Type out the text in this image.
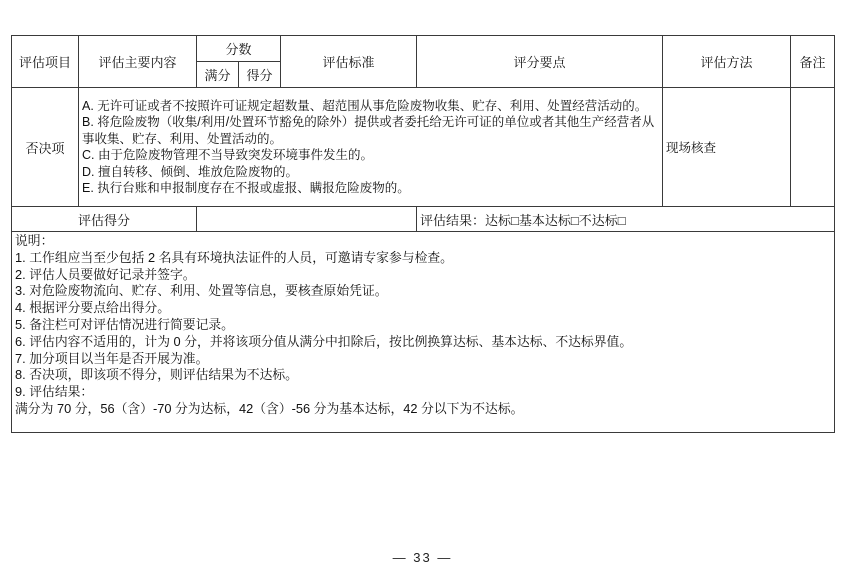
评估项目	评估主要内容	分数		评估标准	评分要点	评估方法	备注
		满分	得分				
否决项	A. 无许可证或者不按照许可证规定超数量、超范围从事危险废物收集、贮存、利用、处置经营活动的。
B. 将危险废物（收集/利用/处置环节豁免的除外）提供或者委托给无许可证的单位或者其他生产经营者从事收集、贮存、利用、处置活动的。
C. 由于危险废物管理不当导致突发环境事件发生的。
D. 擅自转移、倾倒、堆放危险废物的。
E. 执行台账和申报制度存在不报或虚报、瞒报危险废物的。					现场核查	
评估得分					评估结果：达标□基本达标□不达标□		

说明：
1. 工作组应当至少包括 2 名具有环境执法证件的人员，可邀请专家参与检查。
2. 评估人员要做好记录并签字。
3. 对危险废物流向、贮存、利用、处置等信息，要核查原始凭证。
4. 根据评分要点给出得分。
5. 备注栏可对评估情况进行简要记录。
6. 评估内容不适用的，计为 0 分，并将该项分值从满分中扣除后，按比例换算达标、基本达标、不达标界值。
7. 加分项目以当年是否开展为准。
8. 否决项，即该项不得分，则评估结果为不达标。
9. 评估结果：
满分为 70 分，56（含）-70 分为达标，42（含）-56 分为基本达标，42 分以下为不达标。
— 33 —
